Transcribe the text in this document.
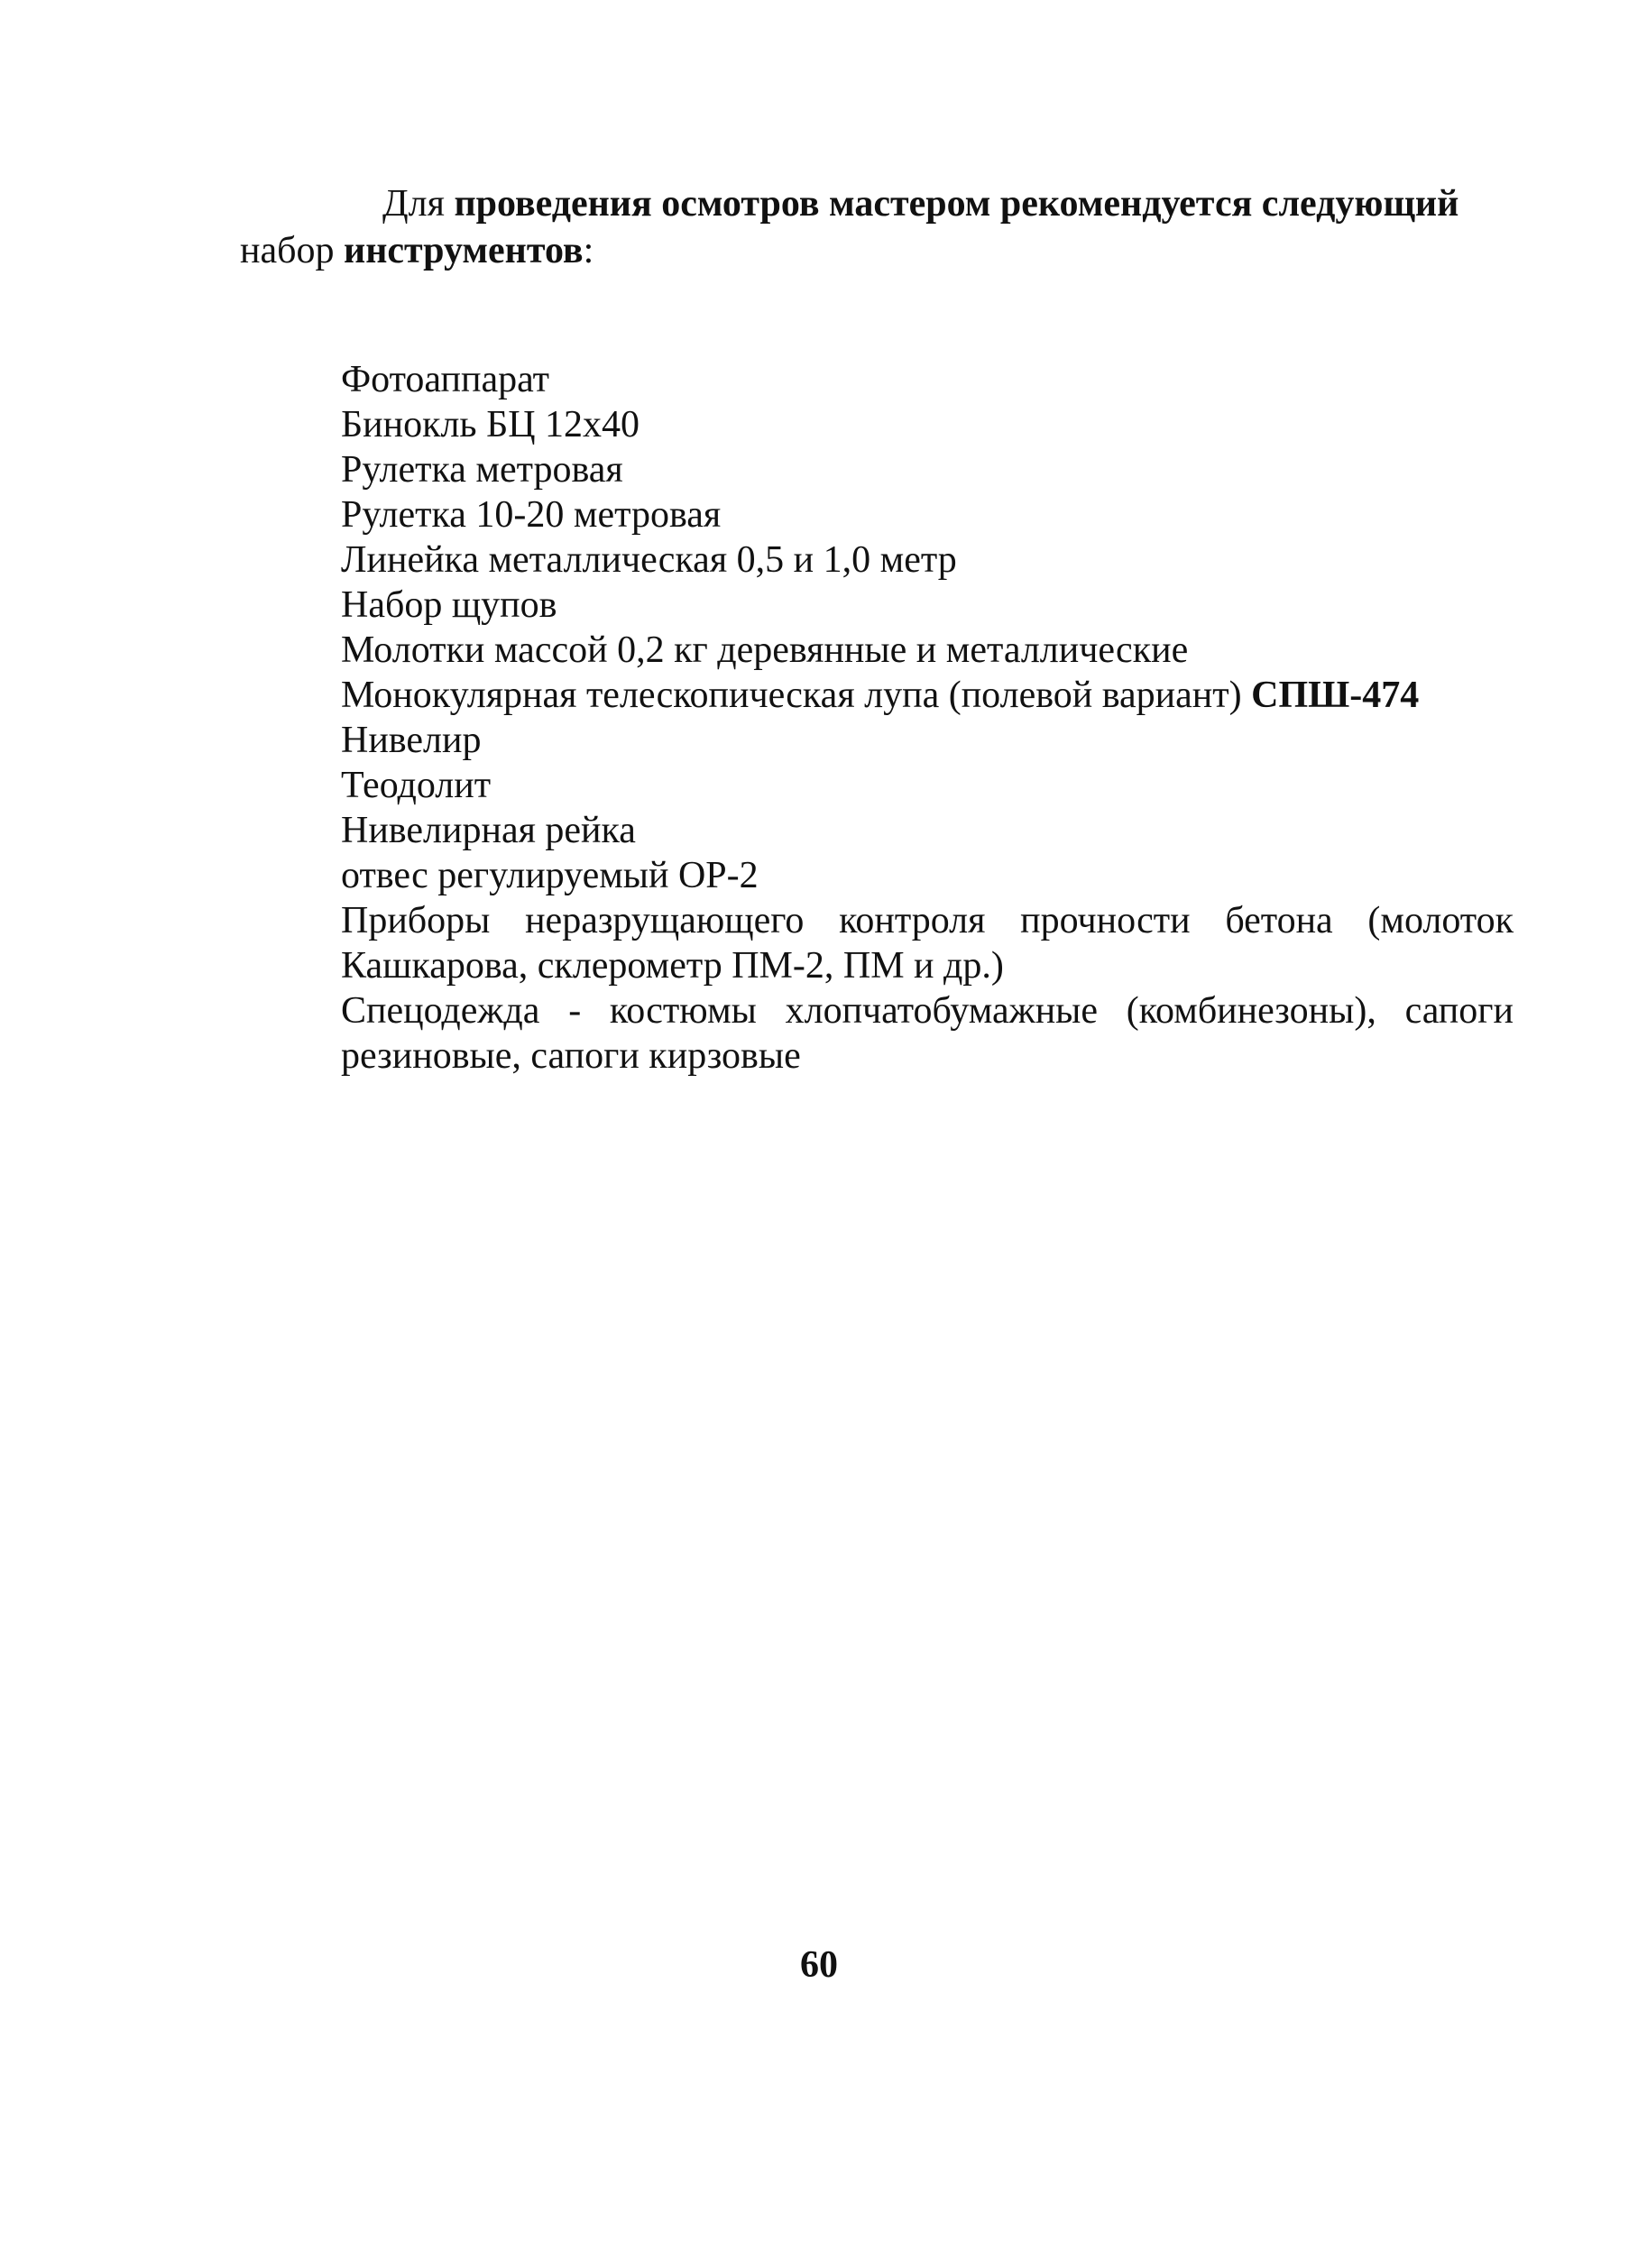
Для проведения осмотров мастером рекомендуется следующий набор инструментов:

Фотоаппарат
Бинокль БЦ 12х40
Рулетка метровая
Рулетка 10-20 метровая
Линейка металлическая 0,5 и 1,0 метр
Набор щупов
Молотки массой 0,2 кг деревянные и металлические
Монокулярная телескопическая лупа (полевой вариант) СПШ-474
Нивелир
Теодолит
Нивелирная рейка
отвес регулируемый ОР-2
Приборы неразрущающего контроля прочности бетона (молоток Кашкарова, склерометр ПМ-2, ПМ и др.)
Спецодежда - костюмы хлопчатобумажные (комбинезоны), сапоги резиновые, сапоги кирзовые
60
